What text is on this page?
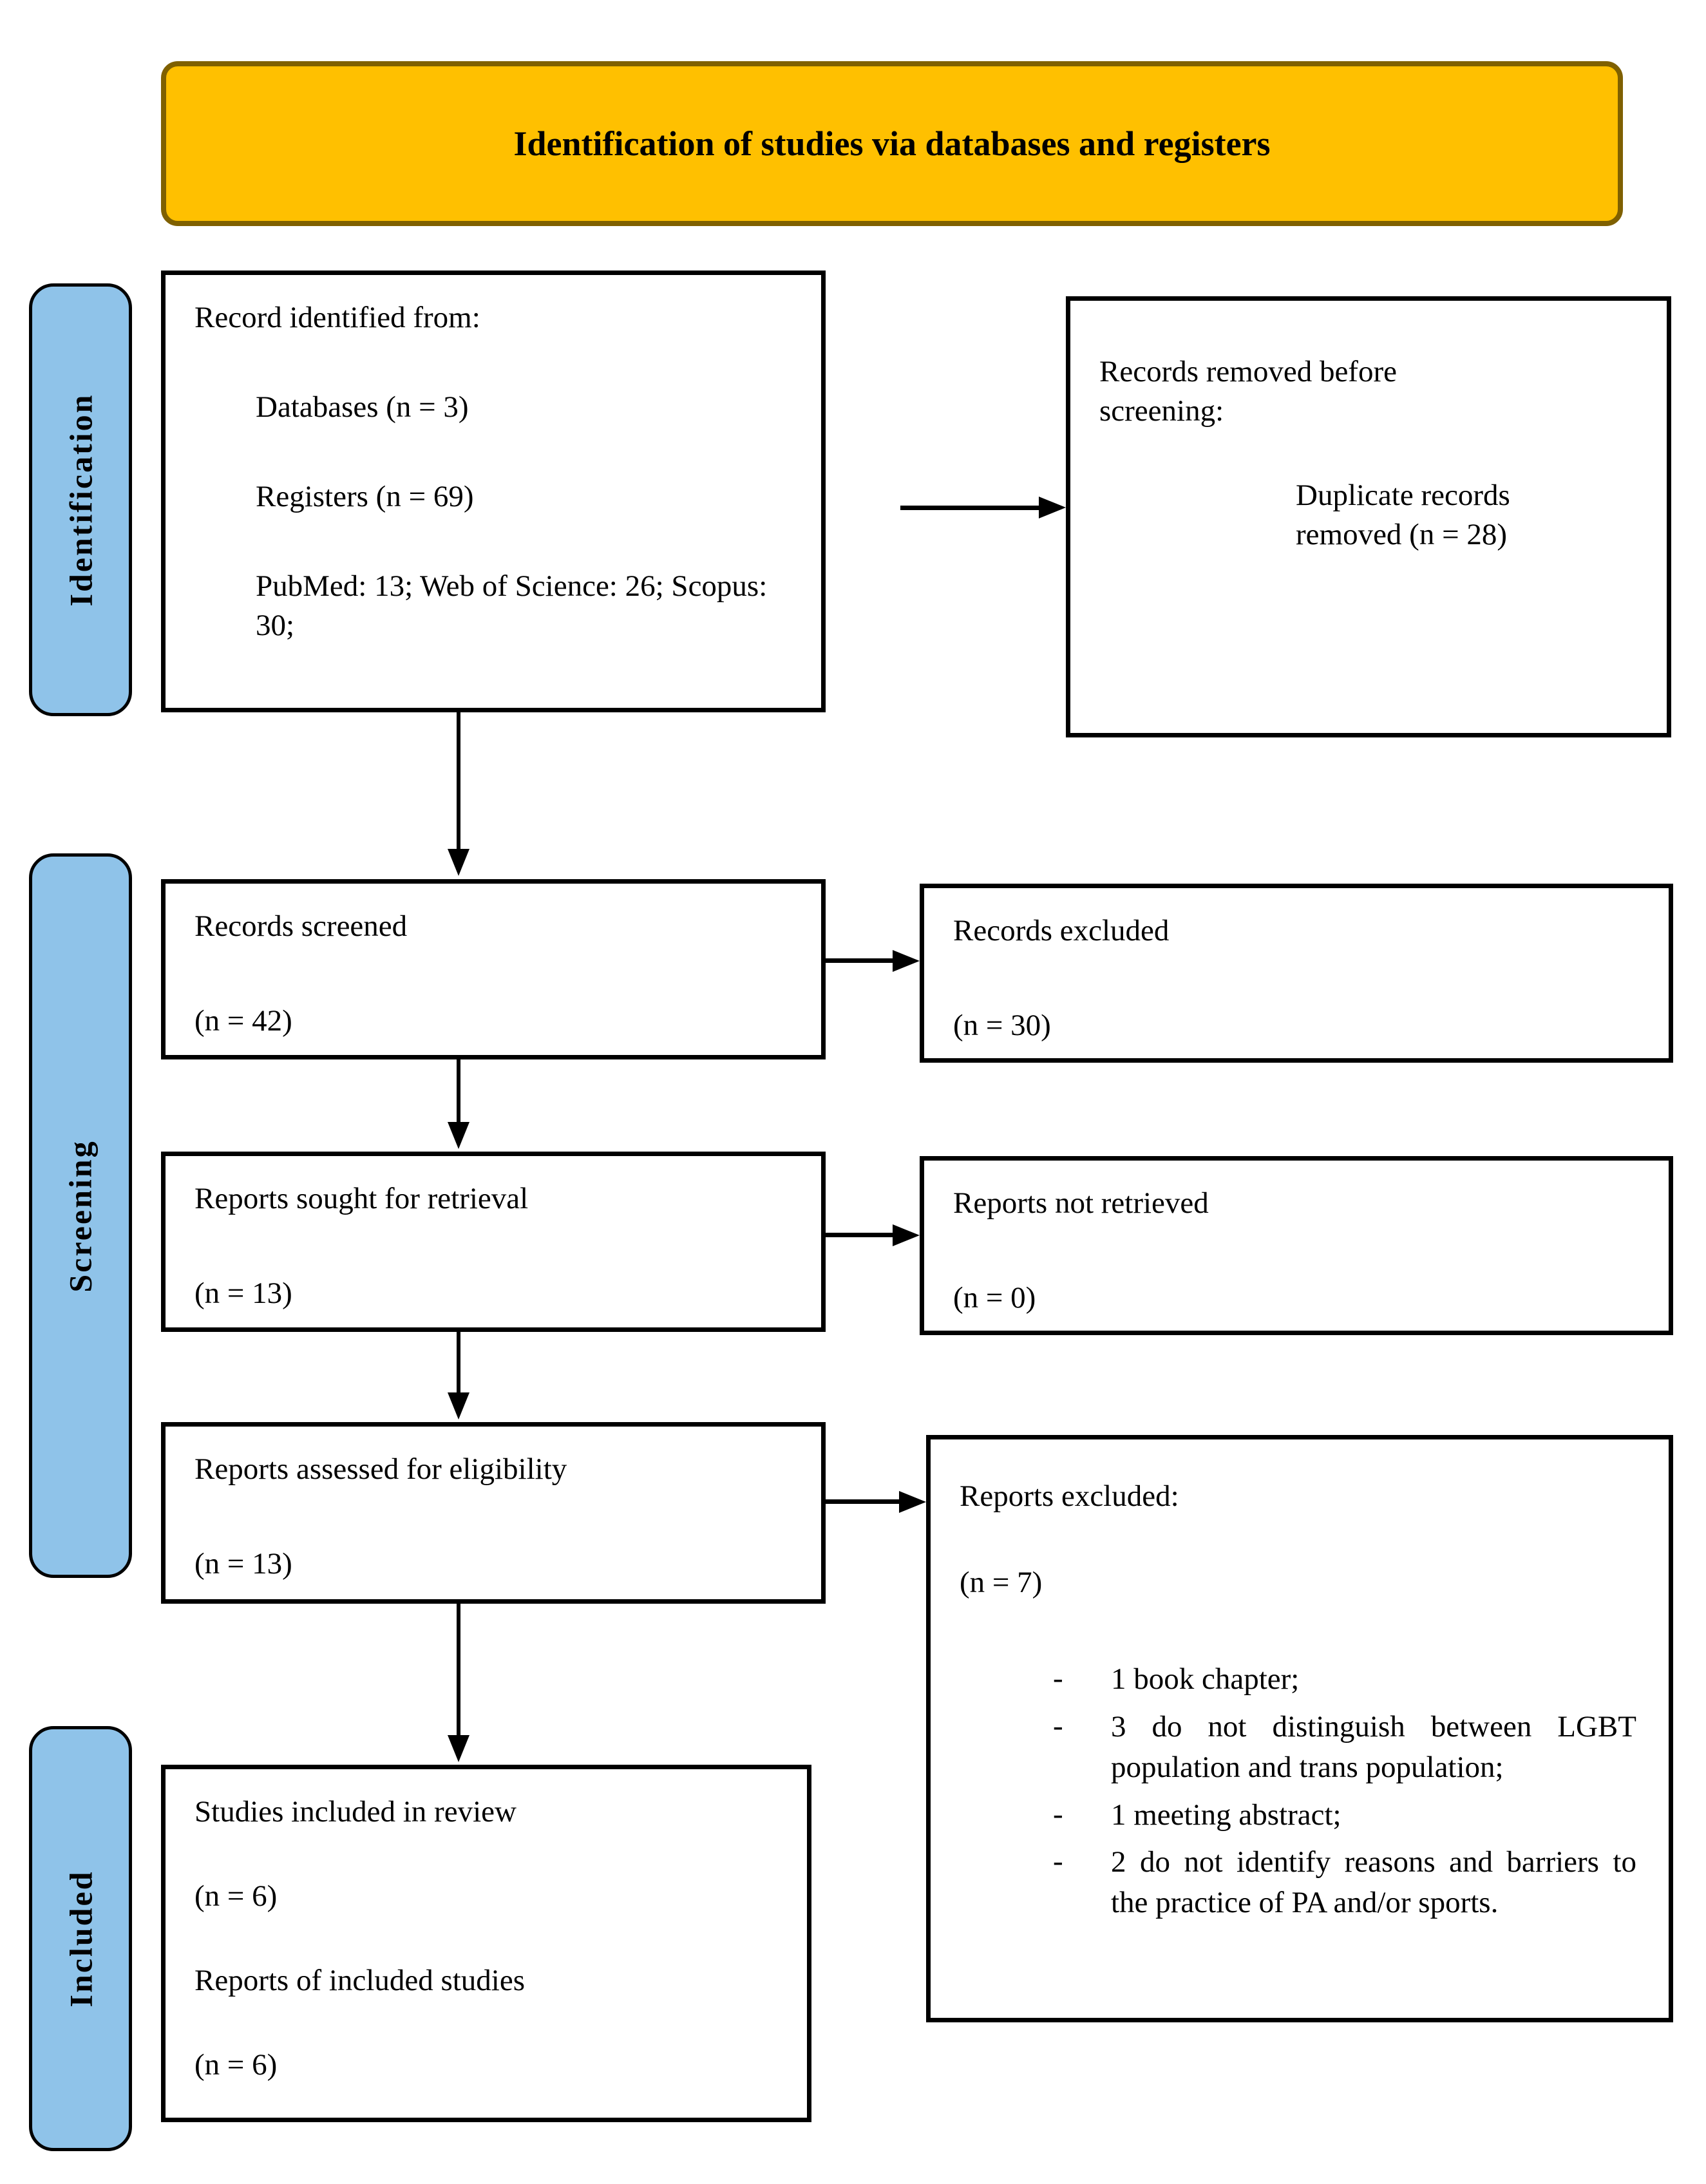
Identification of studies via databases and registers
Identification
Screening
Included

Record identified from:

Databases (n = 3)

Registers (n = 69)

PubMed: 13; Web of Science: 26; Scopus: 30;

Records removed before screening:

Duplicate records removed (n = 28)

Records screened

(n = 42)

Records excluded

(n = 30)

Reports sought for retrieval

(n = 13)

Reports not retrieved

(n = 0)

Reports assessed for eligibility

(n = 13)

Reports excluded:

(n = 7)

-	1 book chapter;
-	3 do not distinguish between LGBT population and trans population;
-	1 meeting abstract;
-	2 do not identify reasons and barriers to the practice of PA and/or sports.

Studies included in review

(n = 6)

Reports of included studies

(n = 6)
